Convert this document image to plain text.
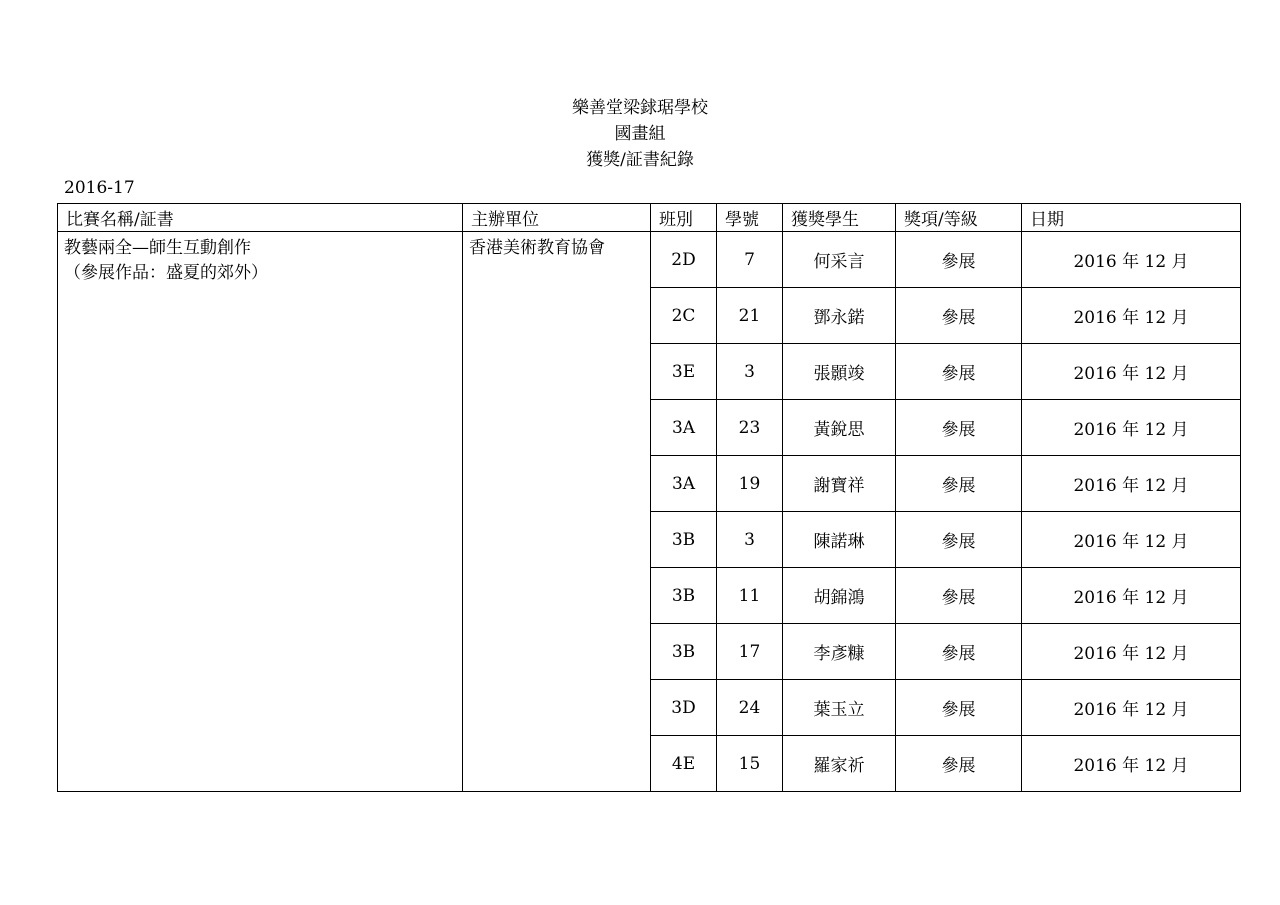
樂善堂梁銶琚學校
國畫組
獲獎/証書紀錄
2016-17
比賽名稱/証書	主辦單位	班別	學號	獲獎學生	獎項/等級	日期

教藝兩全—師生互動創作
（參展作品：盛夏的郊外）	香港美術教育協會	2D	7	何采言	參展	2016 年 12 月
		2C	21	鄧永鍩	參展	2016 年 12 月
		3E	3	張顥竣	參展	2016 年 12 月
		3A	23	黃銳思	參展	2016 年 12 月
		3A	19	謝寶祥	參展	2016 年 12 月
		3B	3	陳諾琳	參展	2016 年 12 月
		3B	11	胡錦鴻	參展	2016 年 12 月
		3B	17	李彥糠	參展	2016 年 12 月
		3D	24	葉玉立	參展	2016 年 12 月
		4E	15	羅家祈	參展	2016 年 12 月
